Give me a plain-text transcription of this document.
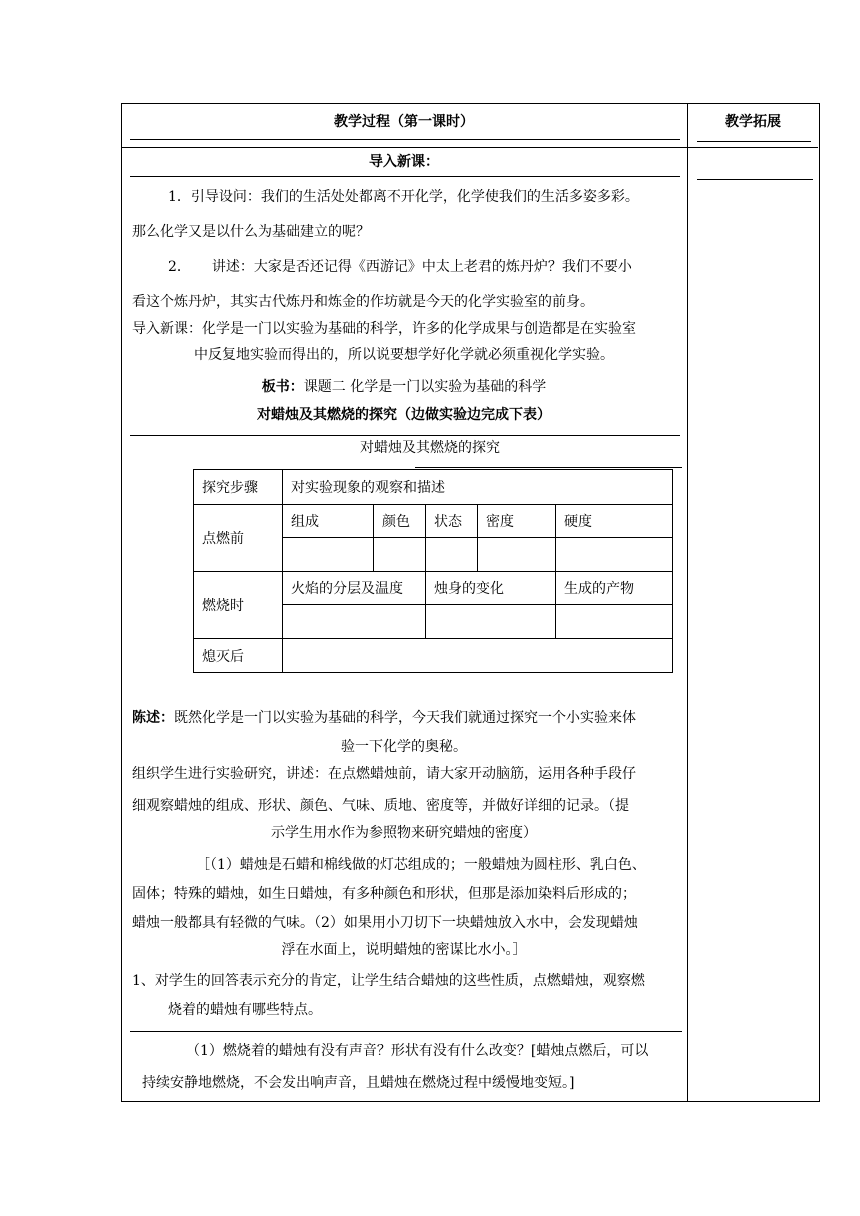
教学过程（第一课时）	教学拓展
导入新课：
1．引导设问：我们的生活处处都离不开化学，化学使我们的生活多姿多彩。
那么化学又是以什么为基础建立的呢？
2．　　讲述：大家是否还记得《西游记》中太上老君的炼丹炉？我们不要小
看这个炼丹炉，其实古代炼丹和炼金的作坊就是今天的化学实验室的前身。
导入新课：化学是一门以实验为基础的科学，许多的化学成果与创造都是在实验室
中反复地实验而得出的，所以说要想学好化学就必须重视化学实验。
板书：课题二 化学是一门以实验为基础的科学
对蜡烛及其燃烧的探究（边做实验边完成下表）
对蜡烛及其燃烧的探究
探究步骤	对实验现象的观察和描述				
点燃前	组成	颜色	状态	密度	硬度

燃烧时	火焰的分层及温度		烛身的变化		生成的产物

熄灭后					
陈述：既然化学是一门以实验为基础的科学，今天我们就通过探究一个小实验来体
验一下化学的奥秘。
组织学生进行实验研究，讲述：在点燃蜡烛前，请大家开动脑筋，运用各种手段仔
细观察蜡烛的组成、形状、颜色、气味、质地、密度等，并做好详细的记录。（提
示学生用水作为参照物来研究蜡烛的密度）
［（1）蜡烛是石蜡和棉线做的灯芯组成的；一般蜡烛为圆柱形、乳白色、
固体；特殊的蜡烛，如生日蜡烛，有多种颜色和形状，但那是添加染料后形成的；
蜡烛一般都具有轻微的气味。（2）如果用小刀切下一块蜡烛放入水中，会发现蜡烛
浮在水面上，说明蜡烛的密谋比水小。］
1、对学生的回答表示充分的肯定，让学生结合蜡烛的这些性质，点燃蜡烛，观察燃
烧着的蜡烛有哪些特点。
（1）燃烧着的蜡烛有没有声音？形状有没有什么改变？[蜡烛点燃后，可以
持续安静地燃烧，不会发出响声音，且蜡烛在燃烧过程中缓慢地变短。]
